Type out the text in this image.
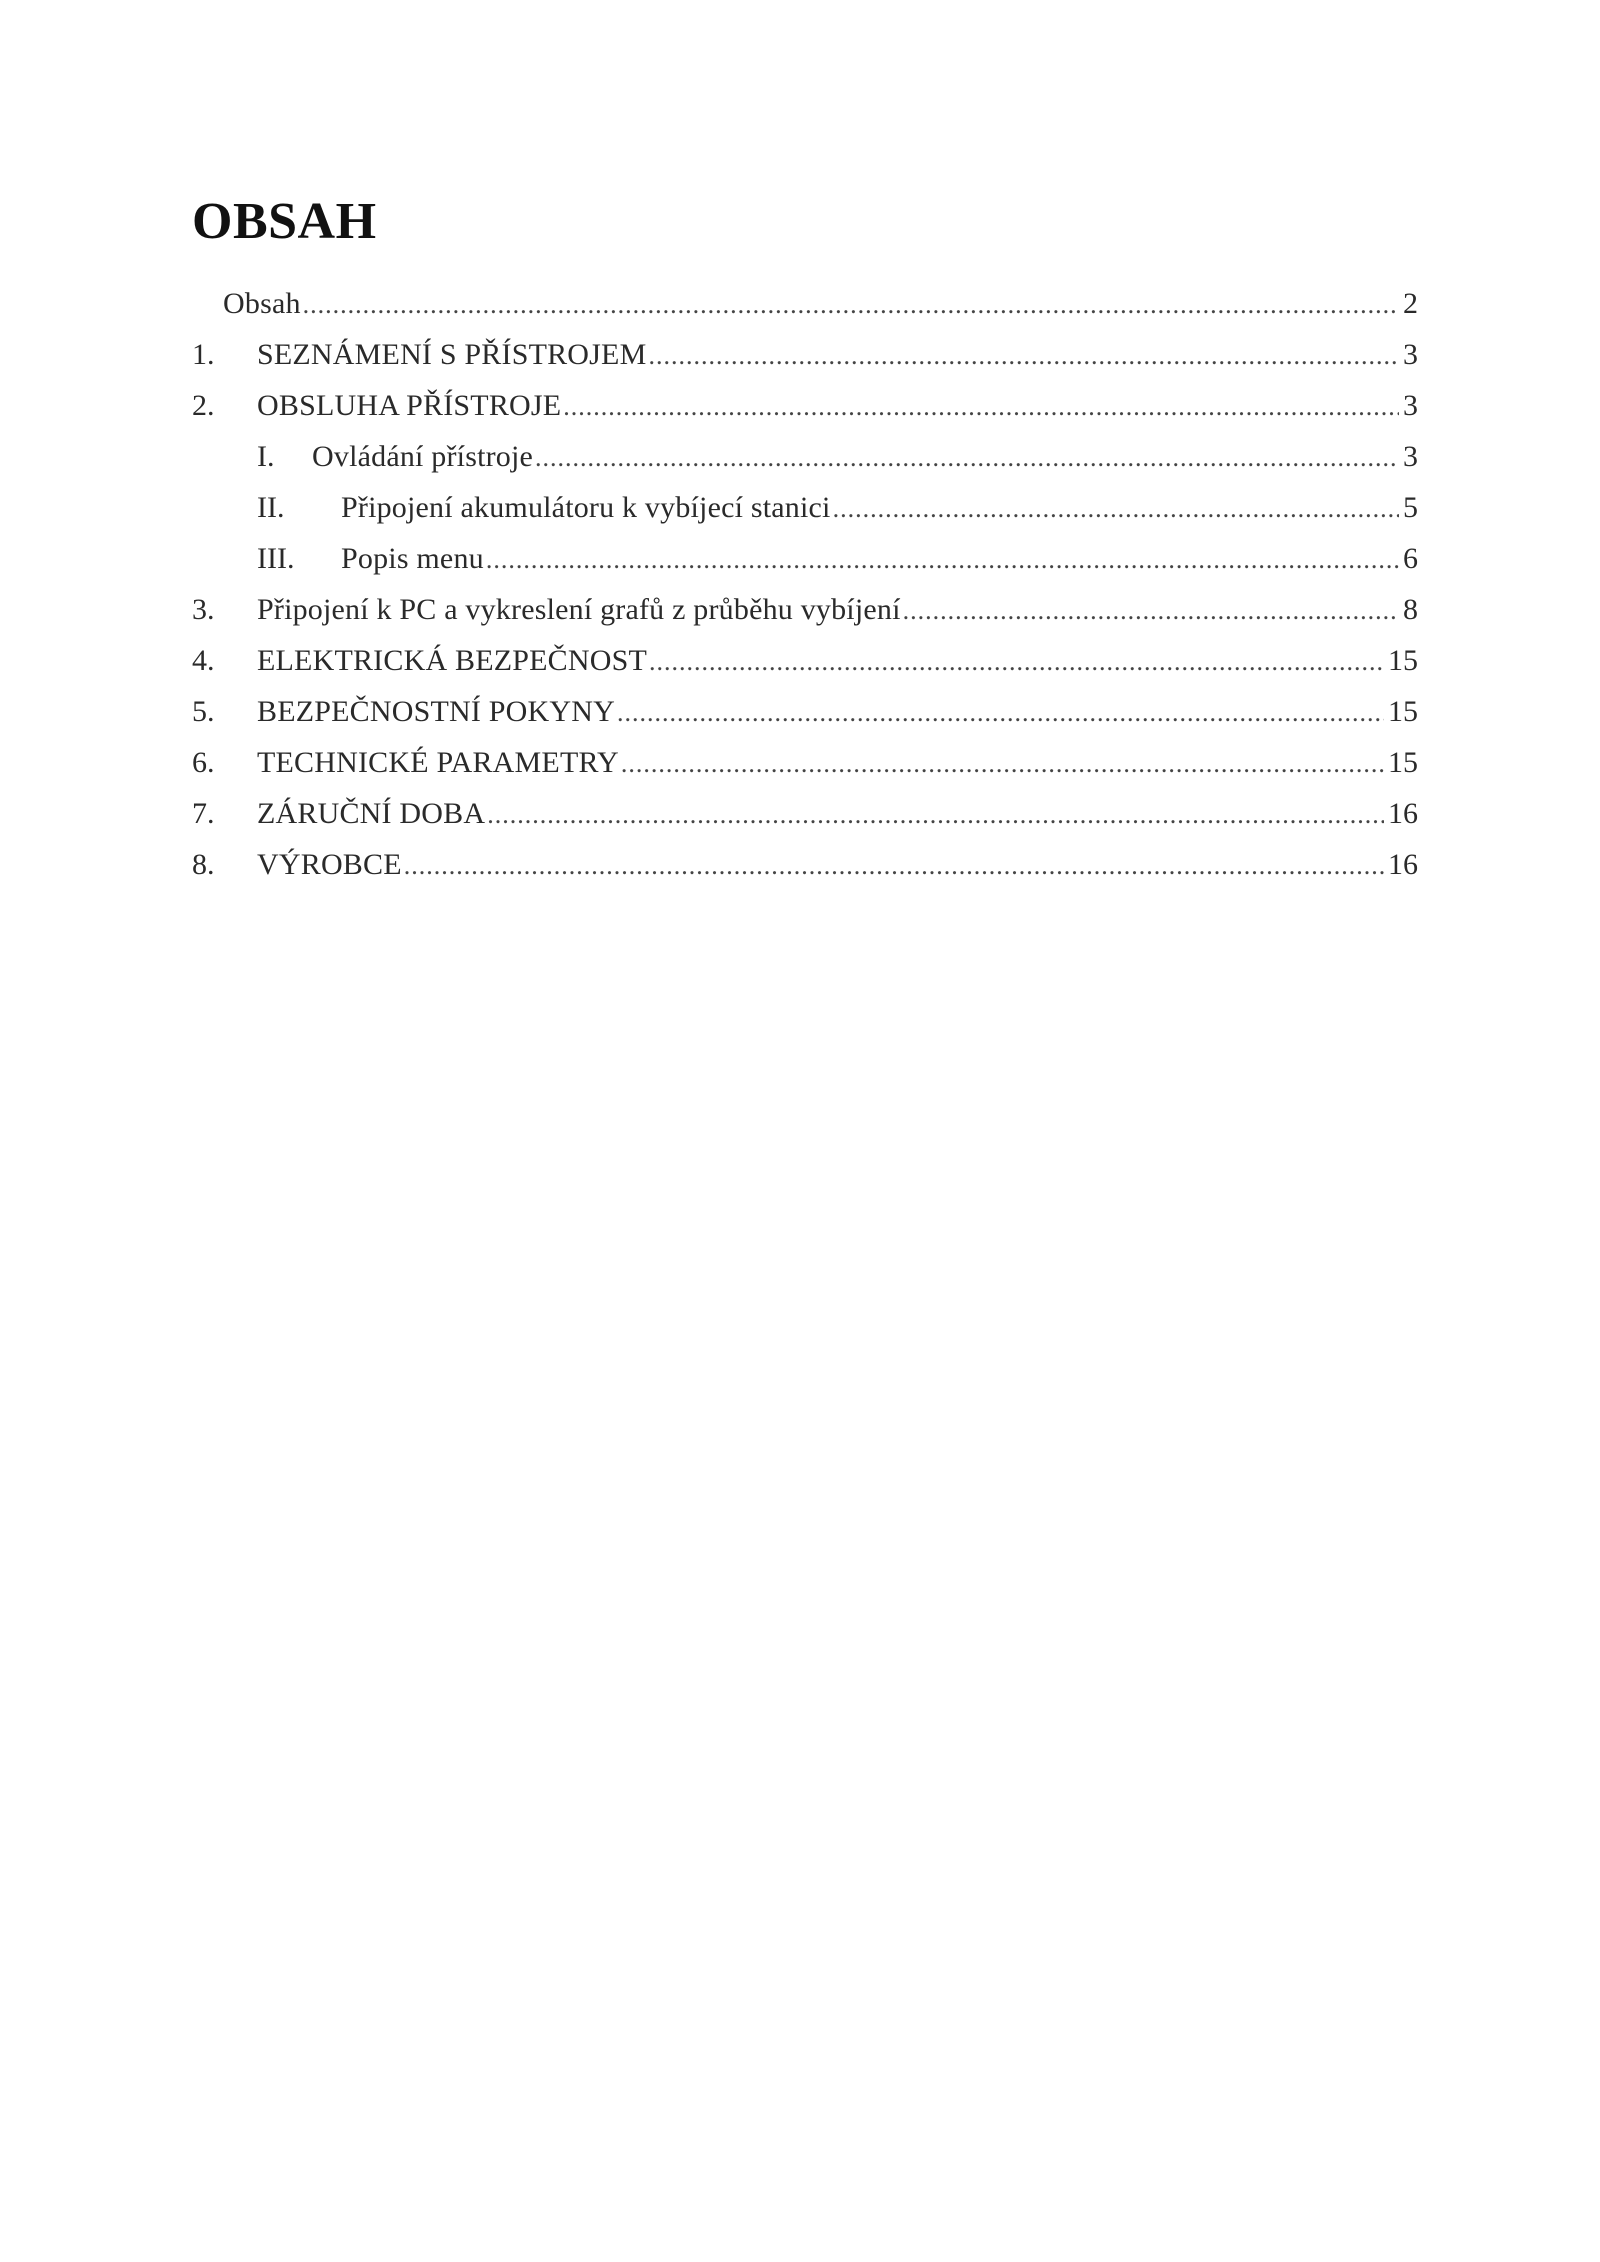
OBSAH
Obsah .....	2
1.	SEZNÁMENÍ S PŘÍSTROJEM .....	3
2.	OBSLUHA PŘÍSTROJE .....	3
I.	Ovládání přístroje .....	3
II.	Připojení akumulátoru k vybíjecí stanici .....	5
III.	Popis menu .....	6
3.	Připojení k PC a vykreslení grafů z průběhu vybíjení .....	8
4.	ELEKTRICKÁ BEZPEČNOST .....	15
5.	BEZPEČNOSTNÍ POKYNY .....	15
6.	TECHNICKÉ PARAMETRY .....	15
7.	ZÁRUČNÍ DOBA .....	16
8.	VÝROBCE .....	16
